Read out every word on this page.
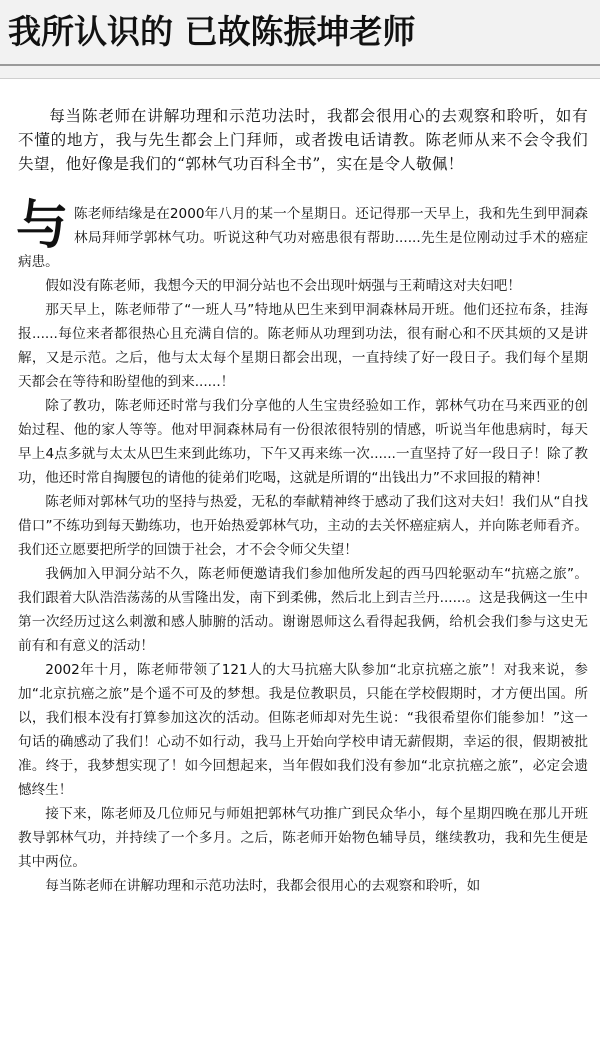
我所认识的 已故陈振坤老师

每当陈老师在讲解功理和示范功法时，我都会很用心的去观察和聆听，如有不懂的地方，我与先生都会上门拜师，或者拨电话请教。陈老师从来不会令我们失望，他好像是我们的“郭林气功百科全书”，实在是令人敬佩！

与陈老师结缘是在2000年八月的某一个星期日。还记得那一天早上，我和先生到甲洞森林局拜师学郭林气功。听说这种气功对癌患很有帮助......先生是位刚动过手术的癌症病患。

假如没有陈老师，我想今天的甲洞分站也不会出现叶炳强与王莉晴这对夫妇吧！

那天早上，陈老师带了“一班人马”特地从巴生来到甲洞森林局开班。他们还拉布条，挂海报......每位来者都很热心且充满自信的。陈老师从功理到功法，很有耐心和不厌其烦的又是讲解，又是示范。之后，他与太太每个星期日都会出现，一直持续了好一段日子。我们每个星期天都会在等待和盼望他的到来......！

除了教功，陈老师还时常与我们分享他的人生宝贵经验如工作，郭林气功在马来西亚的创始过程、他的家人等等。他对甲洞森林局有一份很浓很特别的情感，听说当年他患病时，每天早上4点多就与太太从巴生来到此练功，下午又再来练一次......一直坚持了好一段日子！除了教功，他还时常自掏腰包的请他的徒弟们吃喝，这就是所谓的“出钱出力”不求回报的精神！

陈老师对郭林气功的坚持与热爱，无私的奉献精神终于感动了我们这对夫妇！我们从“自找借口”不练功到每天勤练功，也开始热爱郭林气功，主动的去关怀癌症病人，并向陈老师看齐。我们还立愿要把所学的回馈于社会，才不会令师父失望！

我俩加入甲洞分站不久，陈老师便邀请我们参加他所发起的西马四轮驱动车“抗癌之旅”。我们跟着大队浩浩荡荡的从雪隆出发，南下到柔佛，然后北上到吉兰丹......。这是我俩这一生中第一次经历过这么刺激和感人肺腑的活动。谢谢恩师这么看得起我俩，给机会我们参与这史无前有和有意义的活动！

2002年十月，陈老师带领了121人的大马抗癌大队参加“北京抗癌之旅”！对我来说，参加“北京抗癌之旅”是个遥不可及的梦想。我是位教职员，只能在学校假期时，才方便出国。所以，我们根本没有打算参加这次的活动。但陈老师却对先生说：“我很希望你们能参加！”这一句话的确感动了我们！心动不如行动，我马上开始向学校申请无薪假期，幸运的很，假期被批准。终于，我梦想实现了！如今回想起来，当年假如我们没有参加“北京抗癌之旅”，必定会遗憾终生！

接下来，陈老师及几位师兄与师姐把郭林气功推广到民众华小，每个星期四晚在那儿开班教导郭林气功，并持续了一个多月。之后，陈老师开始物色辅导员，继续教功，我和先生便是其中两位。

每当陈老师在讲解功理和示范功法时，我都会很用心的去观察和聆听，如
